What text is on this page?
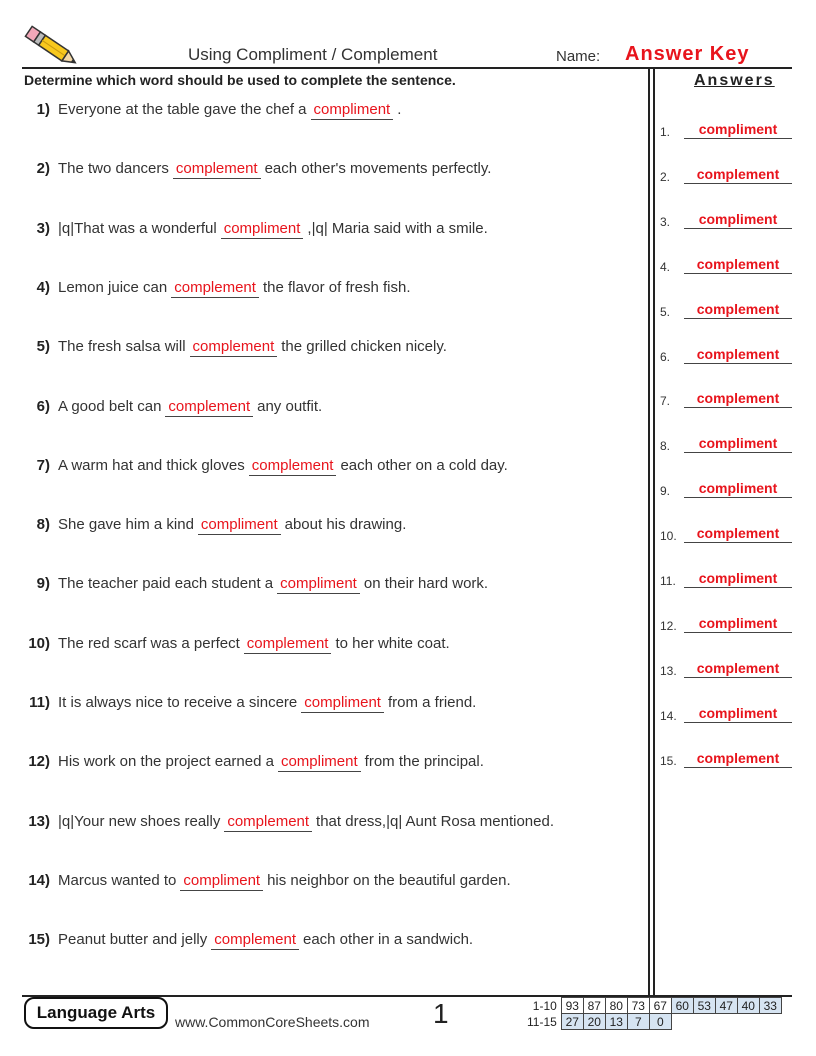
Using Compliment / Complement	Name: Answer Key
Determine which word should be used to complete the sentence.	Answers
1) Everyone at the table gave the chef a compliment .
2) The two dancers complement each other's movements perfectly.
3) |q|That was a wonderful compliment ,|q| Maria said with a smile.
4) Lemon juice can complement the flavor of fresh fish.
5) The fresh salsa will complement the grilled chicken nicely.
6) A good belt can complement any outfit.
7) A warm hat and thick gloves complement each other on a cold day.
8) She gave him a kind compliment about his drawing.
9) The teacher paid each student a compliment on their hard work.
10) The red scarf was a perfect complement to her white coat.
11) It is always nice to receive a sincere compliment from a friend.
12) His work on the project earned a compliment from the principal.
13) |q|Your new shoes really complement that dress,|q| Aunt Rosa mentioned.
14) Marcus wanted to compliment his neighbor on the beautiful garden.
15) Peanut butter and jelly complement each other in a sandwich.
1.	compliment
2.	complement
3.	compliment
4.	complement
5.	complement
6.	complement
7.	complement
8.	compliment
9.	compliment
10.	complement
11.	compliment
12.	compliment
13.	complement
14.	compliment
15.	complement
Language Arts	www.CommonCoreSheets.com 1	1-10	93	87	80	73	67	60	53	47	40	33
11-15	27	20	13	7	0					
